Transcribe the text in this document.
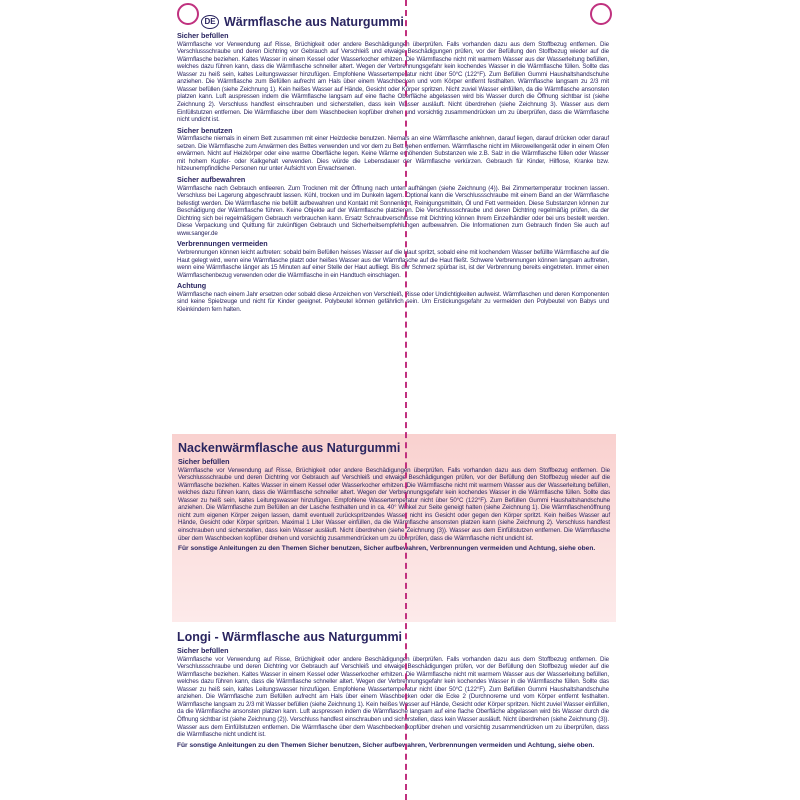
DE Wärmflasche aus Naturgummi
Sicher befüllen
Wärmflasche vor Verwendung auf Risse, Brüchigkeit oder andere Beschädigungen überprüfen. Falls vorhanden dazu aus dem Stoffbezug entfernen. Die Verschlussschraube und deren Dichtring vor Gebrauch auf Verschleiß und etwaige Beschädigungen prüfen, vor der Befüllung den Stoffbezug wieder auf die Wärmflasche beziehen. Kaltes Wasser in einem Kessel oder Wasserkocher erhitzen. Die Wärmflasche nicht mit warmem Wasser aus der Wasserleitung befüllen, welches dazu führen kann, dass die Wärmflasche schneller altert. Wegen der Verbrennungsgefahr kein kochendes Wasser in die Wärmflasche füllen. Sollte das Wasser zu heiß sein, kaltes Leitungswasser hinzufügen. Empfohlene Wassertemperatur nicht über 50°C (122°F). Zum Befüllen Gummi Haushaltshandschuhe anziehen. Die Wärmflasche zum Befüllen aufrecht am Hals über einem Waschbecken und vom Körper entfernt festhalten. Wärmflasche langsam zu 2/3 mit Wasser befüllen (siehe Zeichnung 1). Kein heißes Wasser auf Hände, Gesicht oder Körper spritzen. Nicht zuviel Wasser einfüllen, da die Wärmflasche ansonsten platzen kann. Luft auspressen indem die Wärmflasche langsam auf eine flache Oberfläche abgelassen wird bis Wasser durch die Öffnung sichtbar ist (siehe Zeichnung 2). Verschluss handfest einschrauben und sicherstellen, dass kein Wasser ausläuft. Nicht überdrehen (siehe Zeichnung 3). Wasser aus dem Einfüllstutzen entfernen. Die Wärmflasche über dem Waschbecken kopfüber drehen und vorsichtig zusammendrücken um zu überprüfen, dass die Wärmflasche nicht undicht ist.
Sicher benutzen
Wärmflasche niemals in einem Bett zusammen mit einer Heizdecke benutzen. Niemals an eine Wärmflasche anlehnen, darauf liegen, darauf drücken oder darauf setzen. Die Wärmflasche zum Anwärmen des Bettes verwenden und vor dem zu Bett gehen entfernen. Wärmflasche nicht im Mikrowellengerät oder in einem Ofen erwärmen. Nicht auf Heizkörper oder eine warme Oberfläche legen. Keine Wärme erhöhenden Substanzen wie z.B. Salz in die Wärmflasche füllen oder Wasser mit hohem Kupfer- oder Kalkgehalt verwenden. Dies würde die Lebensdauer der Wärmflasche verkürzen. Gebrauch für Kinder, Hilflose, Kranke bzw. hitzeunempfindliche Personen nur unter Aufsicht von Erwachsenen.
Sicher aufbewahren
Wärmflasche nach Gebrauch entleeren. Zum Trocknen mit der Öffnung nach unten aufhängen (siehe Zeichnung (4)). Bei Zimmertemperatur trocknen lassen. Verschluss bei Lagerung abgeschraubt lassen. Kühl, trocken und im Dunkeln lagern. Optional kann die Verschlussschraube mit einem Band an der Wärmflasche befestigt werden. Die Wärmflasche nie befüllt aufbewahren und Kontakt mit Sonnenlicht, Reinigungsmitteln, Öl und Fett vermeiden. Diese Substanzen können zur Beschädigung der Wärmflasche führen. Keine Objekte auf der Wärmflasche platzieren. Die Verschlussschraube und deren Dichtring regelmäßig prüfen, da der Dichtring sich bei regelmäßigem Gebrauch verbrauchen kann. Ersatz Schraubverschlüsse mit Dichtring können Ihrem Einzelhändler oder bei uns bestellt werden. Diese Verpackung und Quittung für zukünftigen Gebrauch und Sicherheitsempfehlungen aufbewahren. Die Informationen zum Gebrauch finden Sie auch auf www.sanger.de
Verbrennungen vermeiden
Verbrennungen können leicht auftreten: sobald beim Befüllen heisses Wasser auf die Haut spritzt, sobald eine mit kochendem Wasser befüllte Wärmflasche auf die Haut gelegt wird, wenn eine Wärmflasche platzt oder heißes Wasser aus der Wärmflasche auf die Haut fließt. Schwere Verbrennungen können langsam auftreten, wenn eine Wärmflasche länger als 15 Minuten auf einer Stelle der Haut aufliegt. Bis der Schmerz spürbar ist, ist der Verbrennung bereits eingetreten. Immer einen Wärmflaschenbezug verwenden oder die Wärmflasche in ein Handtuch einschlagen.
Achtung
Wärmflasche nach einem Jahr ersetzen oder sobald diese Anzeichen von Verschleiß, Risse oder Undichtigkeiten aufweist. Wärmflaschen und deren Komponenten sind keine Spielzeuge und nicht für Kinder geeignet. Polybeutel können gefährlich sein. Um Erstickungsgefahr zu vermeiden den Polybeutel von Babys und Kleinkindern fern halten.
Nackenwärmflasche aus Naturgummi
Sicher befüllen
Wärmflasche vor Verwendung auf Risse, Brüchigkeit oder andere Beschädigungen überprüfen. Falls vorhanden dazu aus dem Stoffbezug entfernen. Die Verschlussschraube und deren Dichtring vor Gebrauch auf Verschleiß und etwaige Beschädigungen prüfen, vor der Befüllung den Stoffbezug wieder auf die Wärmflasche beziehen. Kaltes Wasser in einem Kessel oder Wasserkocher erhitzen. Die Wärmflasche nicht mit warmem Wasser aus der Wasserleitung befüllen, welches dazu führen kann, dass die Wärmflasche schneller altert. Wegen der Verbrennungsgefahr kein kochendes Wasser in die Wärmflasche füllen. Sollte das Wasser zu heiß sein, kaltes Leitungswasser hinzufügen. Empfohlene Wassertemperatur nicht über 50°C (122°F). Zum Befüllen Gummi Haushaltshandschuhe anziehen. Die Wärmflasche zum Befüllen an der Lasche festhalten und in ca. 40° Winkel zur Seite geneigt halten (siehe Zeichnung 1). Die Wärmflaschenöffnung nicht zum eigenen Körper zeigen lassen, damit eventuell zurückspritzendes Wasser nicht ins Gesicht oder gegen den Körper spritzt. Kein heißes Wasser auf Hände, Gesicht oder Körper spritzen. Maximal 1 Liter Wasser einfüllen, da die Wärmflasche ansonsten platzen kann (siehe Zeichnung 2). Verschluss handfest einschrauben und sicherstellen, dass kein Wasser ausläuft. Nicht überdrehen (siehe Zeichnung (3)). Wasser aus dem Einfüllstutzen entfernen. Die Wärmflasche über dem Waschbecken kopfüber drehen und vorsichtig zusammendrücken um zu überprüfen, dass die Wärmflasche nicht undicht ist.
Für sonstige Anleitungen zu den Themen Sicher benutzen, Sicher aufbewahren, Verbrennungen vermeiden und Achtung, siehe oben.
Longi - Wärmflasche aus Naturgummi
Sicher befüllen
Wärmflasche vor Verwendung auf Risse, Brüchigkeit oder andere Beschädigungen überprüfen. Falls vorhanden dazu aus dem Stoffbezug entfernen. Die Verschlussschraube und deren Dichtring vor Gebrauch auf Verschleiß und etwaige Beschädigungen prüfen, vor der Befüllung den Stoffbezug wieder auf die Wärmflasche beziehen. Kaltes Wasser in einem Kessel oder Wasserkocher erhitzen. Die Wärmflasche nicht mit warmem Wasser aus der Wasserleitung befüllen, welches dazu führen kann, dass die Wärmflasche schneller altert. Wegen der Verbrennungsgefahr kein kochendes Wasser in die Wärmflasche füllen. Sollte das Wasser zu heiß sein, kaltes Leitungswasser hinzufügen. Empfohlene Wassertemperatur nicht über 50°C (122°F). Zum Befüllen Gummi Haushaltshandschuhe anziehen. Die Wärmflasche zum Befüllen aufrecht am Hals über einem Waschbecken oder die Ecke 2 (Durchnoreme und vom Körper entfernt festhalten. Wärmflasche langsam zu 2/3 mit Wasser befüllen (siehe Zeichnung 1). Kein heißes Wasser auf Hände, Gesicht oder Körper spritzen. Nicht zuviel Wasser einfüllen, da die Wärmflasche ansonsten platzen kann. Luft auspressen indem die Wärmflasche langsam auf eine flache Oberfläche abgelassen wird bis Wasser durch die Öffnung sichtbar ist (siehe Zeichnung (2)). Verschluss handfest einschrauben und sicherstellen, dass kein Wasser ausläuft. Nicht überdrehen (siehe Zeichnung (3)). Wasser aus dem Einfüllstutzen entfernen. Die Wärmflasche über dem Waschbecken kopfüber drehen und vorsichtig zusammendrücken um zu überprüfen, dass die Wärmflasche nicht undicht ist.
Für sonstige Anleitungen zu den Themen Sicher benutzen, Sicher aufbewahren, Verbrennungen vermeiden und Achtung, siehe oben.
